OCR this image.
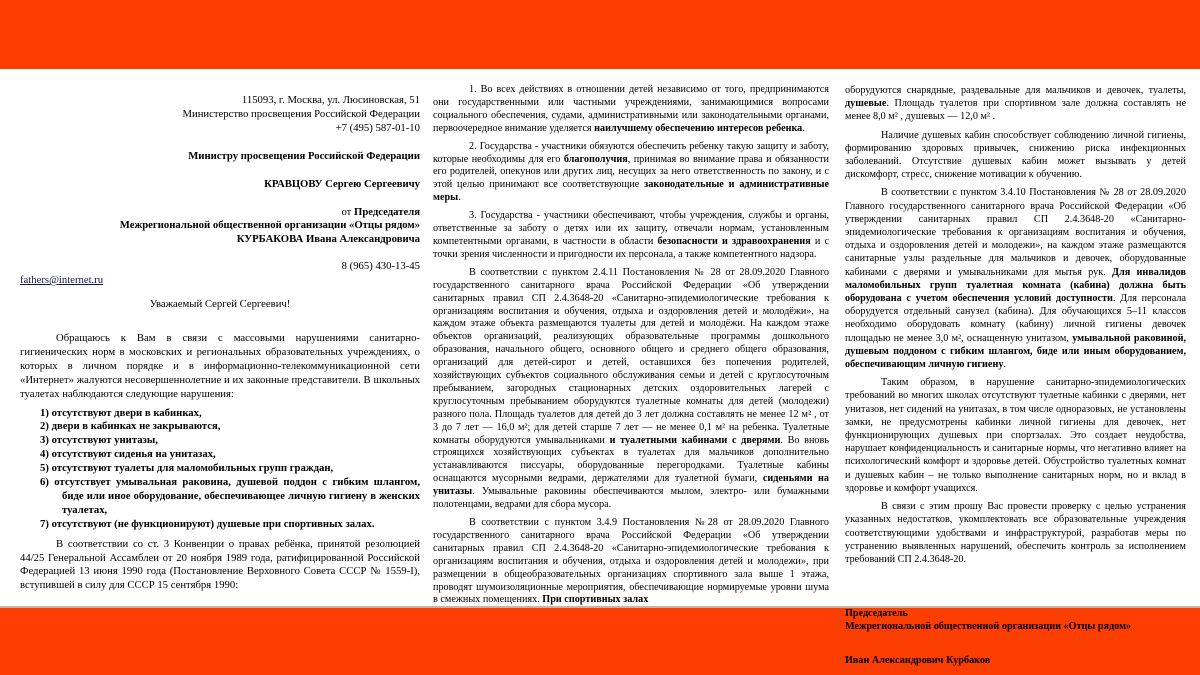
115093, г. Москва, ул. Люсиновская, 51
Министерство просвещения Российской Федерации
+7 (495) 587-01-10
Министру просвещения Российской Федерации
КРАВЦОВУ Сергею Сергеевичу
от Председателя
Межрегиональной общественной организации «Отцы рядом»
КУРБАКОВА Ивана Александровича
8 (965) 430-13-45
fathers@internet.ru
Уважаемый Сергей Сергеевич!

Обращаюсь к Вам в связи с массовыми нарушениями санитарно-гигиенических норм в московских и региональных образовательных учреждениях, о которых в личном порядке и в информационно-телекоммуникационной сети «Интернет» жалуются несовершеннолетние и их законные представители. В школьных туалетах наблюдаются следующие нарушения:

1) отсутствуют двери в кабинках,

2) двери в кабинках не закрываются,

3) отсутствуют унитазы,

4) отсутствуют сиденья на унитазах,

5) отсутствуют туалеты для маломобильных групп граждан,

6) отсутствует умывальная раковина, душевой поддон с гибким шлангом, биде или иное оборудование, обеспечивающее личную гигиену в женских туалетах,

7) отсутствуют (не функционируют) душевые при спортивных залах.

В соответствии со ст. 3 Конвенции о правах ребёнка, принятой резолюцией 44/25 Генеральной Ассамблеи от 20 ноября 1989 года, ратифицированной Российской Федерацией 13 июня 1990 года (Постановление Верховного Совета СССР № 1559-I), вступившей в силу для СССР 15 сентября 1990:

1. Во всех действиях в отношении детей независимо от того, предпринимаются они государственными или частными учреждениями, занимающимися вопросами социального обеспечения, судами, административными или законодательными органами, первоочередное внимание уделяется наилучшему обеспечению интересов ребенка.

2. Государства - участники обязуются обеспечить ребенку такую защиту и заботу, которые необходимы для его благополучия, принимая во внимание права и обязанности его родителей, опекунов или других лиц, несущих за него ответственность по закону, и с этой целью принимают все соответствующие законодательные и административные меры.

3. Государства - участники обеспечивают, чтобы учреждения, службы и органы, ответственные за заботу о детях или их защиту, отвечали нормам, установленным компетентными органами, в частности в области безопасности и здравоохранения и с точки зрения численности и пригодности их персонала, а также компетентного надзора.

В соответствии с пунктом 2.4.11 Постановления № 28 от 28.09.2020 Главного государственного санитарного врача Российской Федерации «Об утверждении санитарных правил СП 2.4.3648-20 «Санитарно-эпидемиологические требования к организациям воспитания и обучения, отдыха и оздоровления детей и молодёжи», на каждом этаже объекта размещаются туалеты для детей и молодёжи. На каждом этаже объектов организаций, реализующих образовательные программы дошкольного образования, начального общего, основного общего и среднего общего образования, организаций для детей-сирот и детей, оставшихся без попечения родителей, хозяйствующих субъектов социального обслуживания семьи и детей с круглосуточным пребыванием, загородных стационарных детских оздоровительных лагерей с круглосуточным пребыванием оборудуются туалетные комнаты для детей (молодежи) разного пола. Площадь туалетов для детей до 3 лет должна составлять не менее 12 м² , от 3 до 7 лет — 16,0 м²; для детей старше 7 лет — не менее 0,1 м² на ребенка. Туалетные комнаты оборудуются умывальниками и туалетными кабинами с дверями. Во вновь строящихся хозяйствующих субъектах в туалетах для мальчиков дополнительно устанавливаются писсуары, оборудованные перегородками. Туалетные кабины оснащаются мусорными ведрами, держателями для туалетной бумаги, сиденьями на унитазы. Умывальные раковины обеспечиваются мылом, электро- или бумажными полотенцами, ведрами для сбора мусора.

В соответствии с пунктом 3.4.9 Постановления №28 от 28.09.2020 Главного государственного санитарного врача Российской Федерации «Об утверждении санитарных правил СП 2.4.3648-20 «Санитарно-эпидемиологические требования к организациям воспитания и обучения, отдыха и оздоровления детей и молодежи», при размещении в общеобразовательных организациях спортивного зала выше 1 этажа, проводят шумоизоляционные мероприятия, обеспечивающие нормируемые уровни шума в смежных помещениях. При спортивных залах

оборудуются снарядные, раздевальные для мальчиков и девочек, туалеты, душевые. Площадь туалетов при спортивном зале должна составлять не менее 8,0 м² , душевых — 12,0 м² .

Наличие душевых кабин способствует соблюдению личной гигиены, формированию здоровых привычек, снижению риска инфекционных заболеваний. Отсутствие душевых кабин может вызывать у детей дискомфорт, стресс, снижение мотивации к обучению.

В соответствии с пунктом 3.4.10 Постановления № 28 от 28.09.2020 Главного государственного санитарного врача Российской Федерации «Об утверждении санитарных правил СП 2.4.3648-20 «Санитарно-эпидемиологические требования к организациям воспитания и обучения, отдыха и оздоровления детей и молодежи», на каждом этаже размещаются санитарные узлы раздельные для мальчиков и девочек, оборудованные кабинами с дверями и умывальниками для мытья рук. Для инвалидов маломобильных групп туалетная комната (кабина) должна быть оборудована с учетом обеспечения условий доступности. Для персонала оборудуется отдельный санузел (кабина). Для обучающихся 5–11 классов необходимо оборудовать комнату (кабину) личной гигиены девочек площадью не менее 3,0 м², оснащенную унитазом, умывальной раковиной, душевым поддоном с гибким шлангом, биде или иным оборудованием, обеспечивающим личную гигиену.

Таким образом, в нарушение санитарно-эпидемиологических требований во многих школах отсутствуют тулетные кабинки с дверями, нет унитазов, нет сидений на унитазах, в том числе одноразовых, не установлены замки, не предусмотрены кабинки личной гигиены для девочек, нет функционирующих душевых при спортзалах. Это создает неудобства, нарушает конфиденциальность и санитарные нормы, что негативно влияет на психологический комфорт и здоровье детей. Обустройство туалетных комнат и душевых кабин – не только выполнение санитарных норм, но и вклад в здоровье и комфорт учащихся.

В связи с этим прошу Вас провести проверку с целью устранения указанных недостатков, укомплектовать все образовательные учреждения соответствующими удобствами и инфраструктурой, разработав меры по устранению выявленных нарушений, обеспечить контроль за исполнением требований СП 2.4.3648-20.

Председатель
Межрегиональной общественной организации «Отцы рядом»
Иван Александрович Курбаков
